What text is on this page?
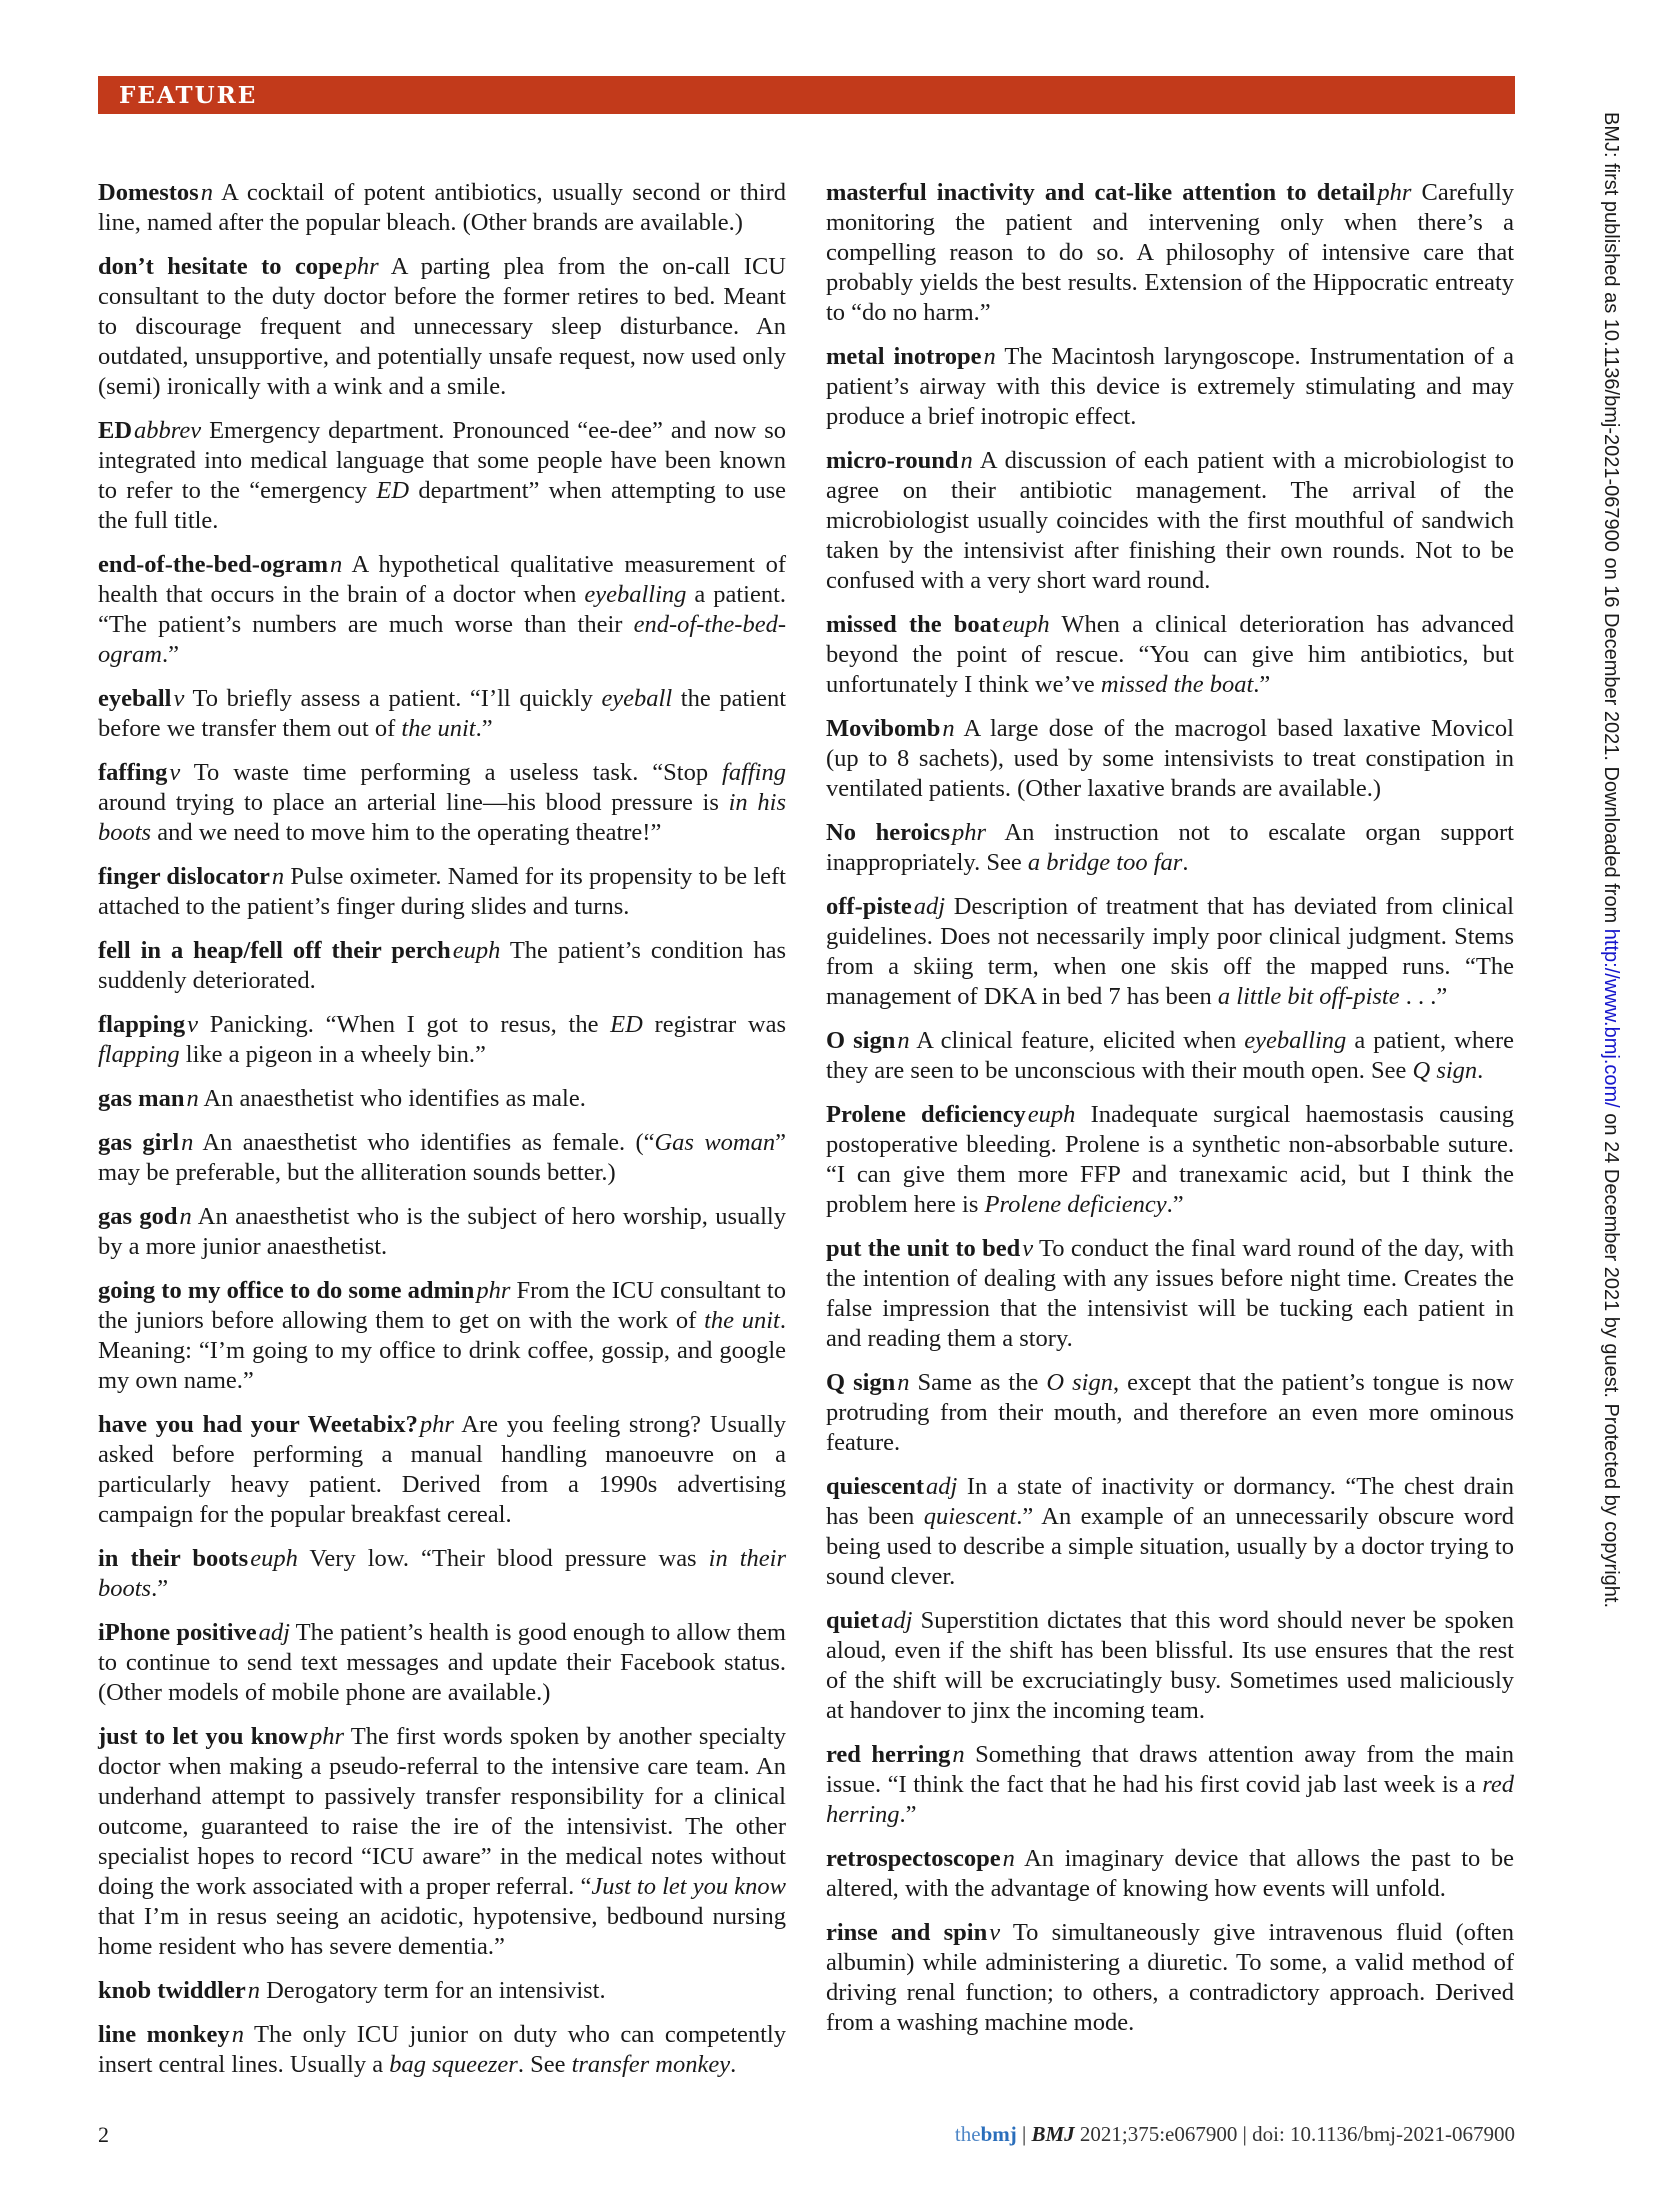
FEATURE

Domestosn A cocktail of potent antibiotics, usually second or third line, named after the popular bleach. (Other brands are available.)

don’t hesitate to copephr A parting plea from the on-call ICU consultant to the duty doctor before the former retires to bed. Meant to discourage frequent and unnecessary sleep disturbance. An outdated, unsupportive, and potentially unsafe request, now used only (semi) ironically with a wink and a smile.

EDabbrev Emergency department. Pronounced “ee-dee” and now so integrated into medical language that some people have been known to refer to the “emergency ED department” when attempting to use the full title.

end-of-the-bed-ogramn A hypothetical qualitative measurement of health that occurs in the brain of a doctor when eyeballing a patient. “The patient’s numbers are much worse than their end-of-the-bed-ogram.”

eyeballv To briefly assess a patient. “I’ll quickly eyeball the patient before we transfer them out of the unit.”

faffingv To waste time performing a useless task. “Stop faffing around trying to place an arterial line—his blood pressure is in his boots and we need to move him to the operating theatre!”

finger dislocatorn Pulse oximeter. Named for its propensity to be left attached to the patient’s finger during slides and turns.

fell in a heap/fell off their percheuph The patient’s condition has suddenly deteriorated.

flappingv Panicking. “When I got to resus, the ED registrar was flapping like a pigeon in a wheely bin.”

gas mann An anaesthetist who identifies as male.

gas girln An anaesthetist who identifies as female. (“Gas woman” may be preferable, but the alliteration sounds better.)

gas godn An anaesthetist who is the subject of hero worship, usually by a more junior anaesthetist.

going to my office to do some adminphr From the ICU consultant to the juniors before allowing them to get on with the work of the unit. Meaning: “I’m going to my office to drink coffee, gossip, and google my own name.”

have you had your Weetabix?phr Are you feeling strong? Usually asked before performing a manual handling manoeuvre on a particularly heavy patient. Derived from a 1990s advertising campaign for the popular breakfast cereal.

in their bootseuph Very low. “Their blood pressure was in their boots.”

iPhone positiveadj The patient’s health is good enough to allow them to continue to send text messages and update their Facebook status. (Other models of mobile phone are available.)

just to let you knowphr The first words spoken by another specialty doctor when making a pseudo-referral to the intensive care team. An underhand attempt to passively transfer responsibility for a clinical outcome, guaranteed to raise the ire of the intensivist. The other specialist hopes to record “ICU aware” in the medical notes without doing the work associated with a proper referral. “Just to let you know that I’m in resus seeing an acidotic, hypotensive, bedbound nursing home resident who has severe dementia.”

knob twiddlern Derogatory term for an intensivist.

line monkeyn The only ICU junior on duty who can competently insert central lines. Usually a bag squeezer. See transfer monkey.

masterful inactivity and cat-like attention to detailphr Carefully monitoring the patient and intervening only when there’s a compelling reason to do so. A philosophy of intensive care that probably yields the best results. Extension of the Hippocratic entreaty to “do no harm.”

metal inotropen The Macintosh laryngoscope. Instrumentation of a patient’s airway with this device is extremely stimulating and may produce a brief inotropic effect.

micro-roundn A discussion of each patient with a microbiologist to agree on their antibiotic management. The arrival of the microbiologist usually coincides with the first mouthful of sandwich taken by the intensivist after finishing their own rounds. Not to be confused with a very short ward round.

missed the boateuph When a clinical deterioration has advanced beyond the point of rescue. “You can give him antibiotics, but unfortunately I think we’ve missed the boat.”

Movibombn A large dose of the macrogol based laxative Movicol (up to 8 sachets), used by some intensivists to treat constipation in ventilated patients. (Other laxative brands are available.)

No heroicsphr An instruction not to escalate organ support inappropriately. See a bridge too far.

off-pisteadj Description of treatment that has deviated from clinical guidelines. Does not necessarily imply poor clinical judgment. Stems from a skiing term, when one skis off the mapped runs. “The management of DKA in bed 7 has been a little bit off-piste . . .”

O signn A clinical feature, elicited when eyeballing a patient, where they are seen to be unconscious with their mouth open. See Q sign.

Prolene deficiencyeuph Inadequate surgical haemostasis causing postoperative bleeding. Prolene is a synthetic non-absorbable suture. “I can give them more FFP and tranexamic acid, but I think the problem here is Prolene deficiency.”

put the unit to bedv To conduct the final ward round of the day, with the intention of dealing with any issues before night time. Creates the false impression that the intensivist will be tucking each patient in and reading them a story.

Q signn Same as the O sign, except that the patient’s tongue is now protruding from their mouth, and therefore an even more ominous feature.

quiescentadj In a state of inactivity or dormancy. “The chest drain has been quiescent.” An example of an unnecessarily obscure word being used to describe a simple situation, usually by a doctor trying to sound clever.

quietadj Superstition dictates that this word should never be spoken aloud, even if the shift has been blissful. Its use ensures that the rest of the shift will be excruciatingly busy. Sometimes used maliciously at handover to jinx the incoming team.

red herringn Something that draws attention away from the main issue. “I think the fact that he had his first covid jab last week is a red herring.”

retrospectoscopen An imaginary device that allows the past to be altered, with the advantage of knowing how events will unfold.

rinse and spinv To simultaneously give intravenous fluid (often albumin) while administering a diuretic. To some, a valid method of driving renal function; to others, a contradictory approach. Derived from a washing machine mode.

BMJ: first published as 10.1136/bmj-2021-067900 on 16 December 2021. Downloaded from http://www.bmj.com/ on 24 December 2021 by guest. Protected by copyright.
2	thebmj | BMJ 2021;375:e067900 | doi: 10.1136/bmj-2021-067900
